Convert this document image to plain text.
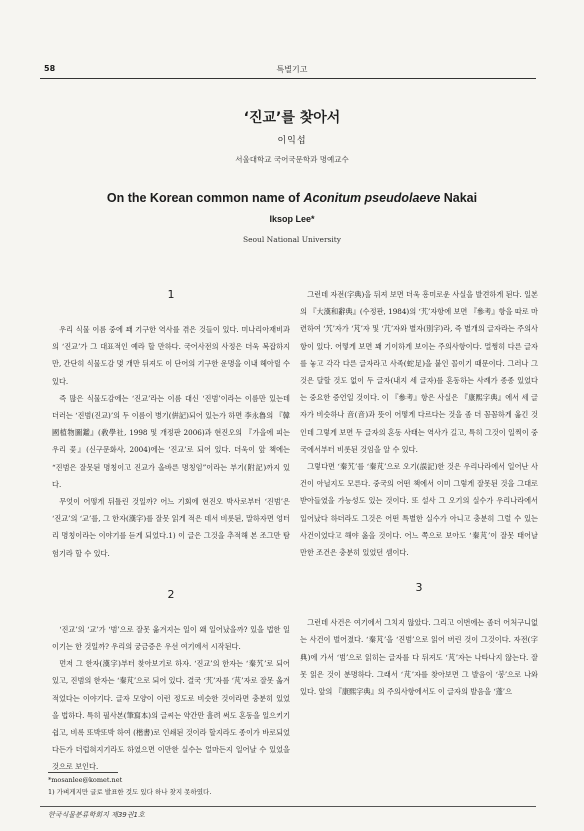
58	특별기고
‘진교’를 찾아서
이익섭
서울대학교 국어국문학과 명예교수
On the Korean common name of Aconitum pseudolaeve Nakai
Iksop Lee*
Seoul National University
1

우리 식물 이름 중에 꽤 기구한 역사를 겪은 것들이 있다. 미나리아재비과의 ‘진교’가 그 대표적인 예라 할 만하다. 국어사전의 사정은 더욱 복잡하지만, 간단히 식물도감 몇 개만 뒤져도 이 단어의 기구한 운명을 이내 헤아릴 수 있다.

즉 많은 식물도감에는 ‘진교’라는 이름 대신 ‘진범’이라는 이름만 있는데 더러는 ‘진범(진교)’의 두 이름이 병기(倂記)되어 있는가 하면 李永魯의 『韓國植物圖鑑』(敎學社, 1998 및 개정판 2006)과 현진오의 『가을에 피는 우리 꽃』(신구문화사, 2004)에는 ‘진교’로 되어 있다. 더욱이 앞 책에는 “진범은 잘못된 명칭이고 진교가 올바른 명칭임”이라는 부기(附記)까지 있다.

무엇이 어떻게 뒤틀린 것일까? 어느 기회에 현진오 박사로부터 ‘진범’은 ‘진교’의 ‘교’를, 그 한자(漢字)를 잘못 읽게 적은 데서 비롯된, 말하자면 엉터리 명칭이라는 이야기를 듣게 되었다.1) 이 글은 그것을 추적해 본 조그만 탐험기라 할 수 있다.

2

‘진교’의 ‘교’가 ‘범’으로 잘못 옮겨지는 일이 왜 일어났을까? 있을 법한 일이기는 한 것일까? 우리의 궁금증은 우선 여기에서 시작된다.

먼저 그 한자(漢字)부터 찾아보기로 하자. ‘진교’의 한자는 ‘秦艽’로 되어 있고, 진범의 한자는 ‘秦芃’으로 되어 있다. 결국 ‘艽’자를 ‘芃’자로 잘못 옮겨 적었다는 이야기다. 글자 모양이 이런 정도로 비슷한 것이라면 충분히 있었을 법하다. 특히 필사본(筆寫本)의 글씨는 약간만 흘려 써도 혼동을 일으키기 쉽고, 비록 또박또박 하여 (楷書)로 인쇄된 것이라 할지라도 종이가 바로되었다든가 더럽혀지기라도 하였으면 이만한 실수는 얼마든지 일어날 수 있었을 것으로 보인다.

그런데 자전(字典)을 뒤져 보면 더욱 흥미로운 사실을 발견하게 된다. 일본의 『大漢和辭典』(수정판, 1984)의 ‘艽’자항에 보면 『參考』항을 따로 마련하여 ‘艽’자가 ‘芃’자 및 ‘芁’자와 별자(別字)라, 즉 별개의 글자라는 주의사항이 있다. 어떻게 보면 꽤 기이하게 보이는 주의사항이다. 멀쩡히 다른 글자를 놓고 각각 다른 글자라고 사족(蛇足)을 붙인 꼴이기 때문이다. 그러나 그것은 달할 것도 없이 두 글자(내지 세 글자)를 혼동하는 사례가 종종 있었다는 중요한 증언일 것이다. 이 『參考』항은 사실은 『康熙字典』에서 세 글자가 비슷하나 音(音)과 뜻이 어떻게 다르다는 것을 좀 더 꼼꼼하게 옮긴 것인데 그렇게 보면 두 글자의 혼동 사태는 역사가 길고, 특히 그것이 일찍이 중국에서부터 비롯된 것임을 알 수 있다.

그렇다면 ‘秦艽’를 ‘秦芃’으로 오기(誤記)한 것은 우리나라에서 일어난 사건이 아닐지도 모른다. 중국의 어떤 책에서 이미 그렇게 잘못된 것을 그대로 받아들였을 가능성도 있는 것이다. 또 설사 그 오기의 실수가 우리나라에서 일어났다 하더라도 그것은 어떤 특별한 실수가 아니고 충분히 그럴 수 있는 사건이었다고 해야 옳을 것이다. 어느 쪽으로 보아도 ‘秦芃’이 잘못 태어날 만한 조건은 충분히 있었던 셈이다.

3

그런데 사건은 여기에서 그치지 않았다. 그리고 이번에는 좀더 어처구니없는 사건이 벌어졌다. ‘秦芃’을 ‘진범’으로 읽어 버린 것이 그것이다. 자전(字典)에 가서 ‘범’으로 읽히는 글자를 다 뒤져도 ‘芃’자는 나타나지 않는다. 잘못 읽은 것이 분명하다. 그래서 ‘芃’자를 찾아보면 그 발음이 ‘봉’으로 나와 있다. 앞의 『康熙字典』의 주의사항에서도 이 글자의 발음을 ‘蓬’으

*mosanlee@komet.net
1) 가벼게지만 글로 발표한 것도 있다 하나 찾지 못하였다.
한국식물분류학회지 제39권1호
